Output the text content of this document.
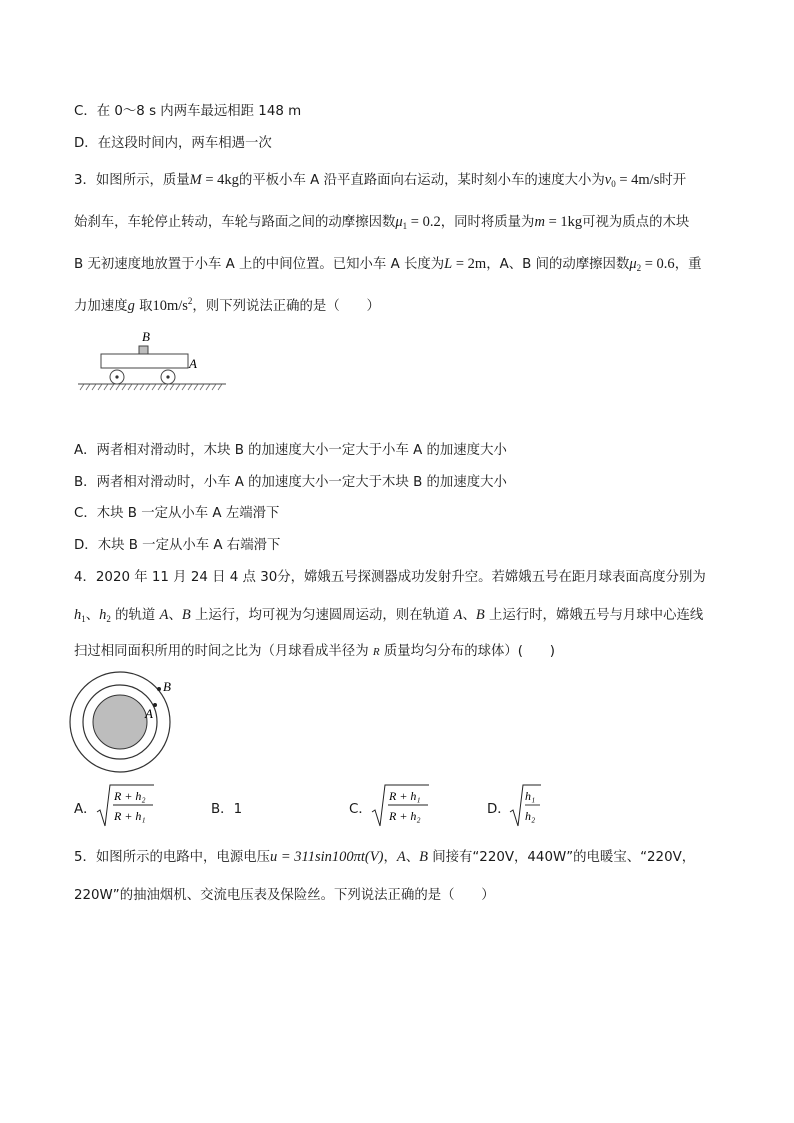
C．在 0～8 s 内两车最远相距 148 m
D．在这段时间内，两车相遇一次
3．如图所示，质量M = 4kg的平板小车 A 沿平直路面向右运动，某时刻小车的速度大小为$v_0 = 4m/s$时开
始刹车，车轮停止转动，车轮与路面之间的动摩擦因数$\mu_1 = 0.2$，同时将质量为m = 1kg可视为质点的木块
B 无初速度地放置于小车 A 上的中间位置。已知小车 A 长度为L = 2m，A、B 间的动摩擦因数$\mu_2 = 0.6$，重
力加速度g 取$10m/s^2$，则下列说法正确的是（　　）
B
A
A．两者相对滑动时，木块 B 的加速度大小一定大于小车 A 的加速度大小
B．两者相对滑动时，小车 A 的加速度大小一定大于木块 B 的加速度大小
C．木块 B 一定从小车 A 左端滑下
D．木块 B 一定从小车 A 右端滑下
4．2020 年 11 月 24 日 4 点 30分，嫦娥五号探测器成功发射升空。若嫦娥五号在距月球表面高度分别为
$h_1$、$h_2$ 的轨道 A、B 上运行，均可视为匀速圆周运动，则在轨道 A、B 上运行时，嫦娥五号与月球中心连线
扫过相同面积所用的时间之比为（月球看成半径为 R 质量均匀分布的球体）(　　)
B
A
A．
R + h₂
R + h₁	B．1	C．
R + h₁
R + h₂	D．
h₁
h₂
5．如图所示的电路中，电源电压u = 311sin100πt(V)，A、B 间接有“220V，440W”的电暖宝、“220V，
220W”的抽油烟机、交流电压表及保险丝。下列说法正确的是（　　）
